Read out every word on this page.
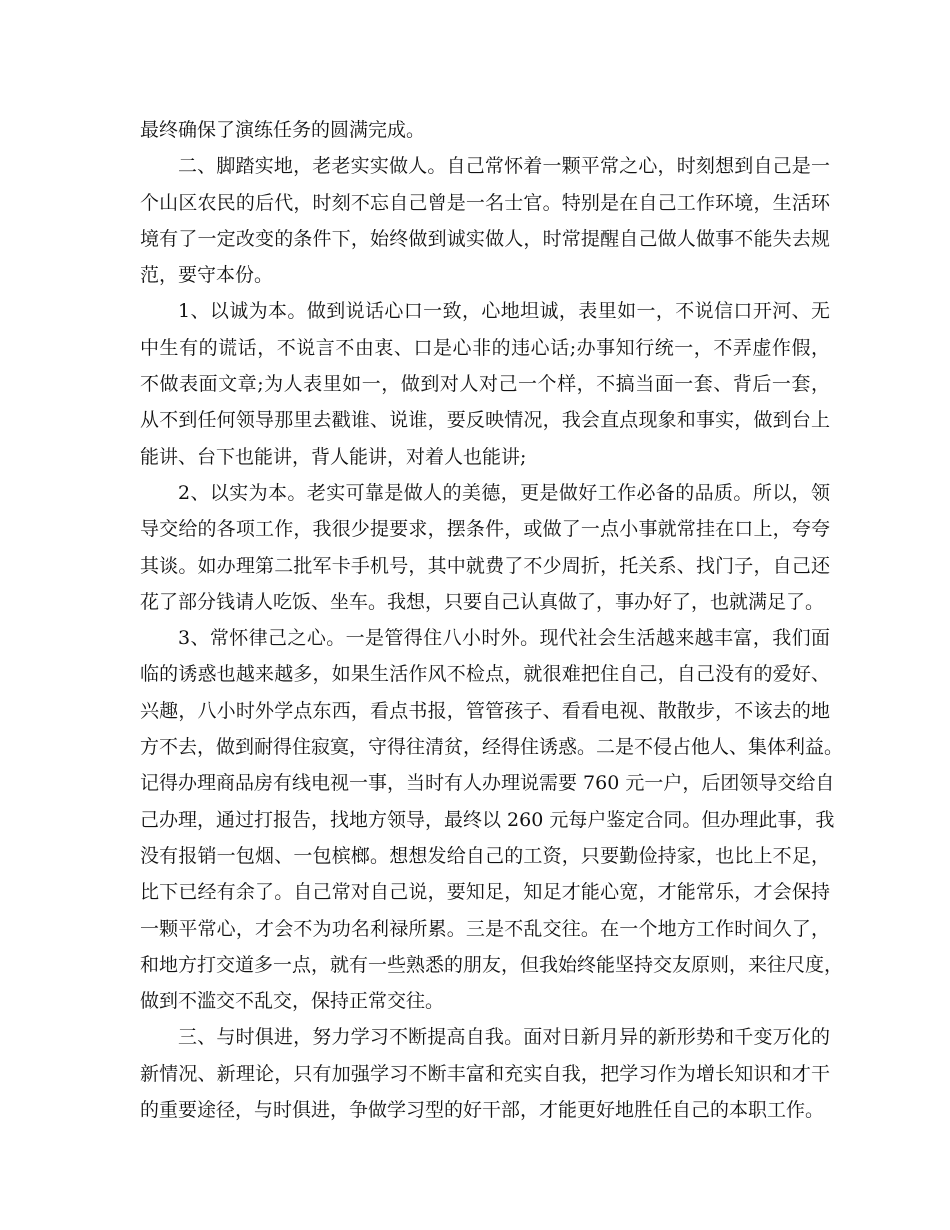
最终确保了演练任务的圆满完成。
二、脚踏实地，老老实实做人。自己常怀着一颗平常之心，时刻想到自己是一
个山区农民的后代，时刻不忘自己曾是一名士官。特别是在自己工作环境，生活环
境有了一定改变的条件下，始终做到诚实做人，时常提醒自己做人做事不能失去规
范，要守本份。
1、以诚为本。做到说话心口一致，心地坦诚，表里如一，不说信口开河、无
中生有的谎话，不说言不由衷、口是心非的违心话;办事知行统一，不弄虚作假，
不做表面文章;为人表里如一，做到对人对己一个样，不搞当面一套、背后一套，
从不到任何领导那里去戳谁、说谁，要反映情况，我会直点现象和事实，做到台上
能讲、台下也能讲，背人能讲，对着人也能讲;
2、以实为本。老实可靠是做人的美德，更是做好工作必备的品质。所以，领
导交给的各项工作，我很少提要求，摆条件，或做了一点小事就常挂在口上，夸夸
其谈。如办理第二批军卡手机号，其中就费了不少周折，托关系、找门子，自己还
花了部分钱请人吃饭、坐车。我想，只要自己认真做了，事办好了，也就满足了。
3、常怀律己之心。一是管得住八小时外。现代社会生活越来越丰富，我们面
临的诱惑也越来越多，如果生活作风不检点，就很难把住自己，自己没有的爱好、
兴趣，八小时外学点东西，看点书报，管管孩子、看看电视、散散步，不该去的地
方不去，做到耐得住寂寞，守得往清贫，经得住诱惑。二是不侵占他人、集体利益。
记得办理商品房有线电视一事，当时有人办理说需要 760 元一户，后团领导交给自
己办理，通过打报告，找地方领导，最终以 260 元每户鉴定合同。但办理此事，我
没有报销一包烟、一包槟榔。想想发给自己的工资，只要勤俭持家，也比上不足，
比下已经有余了。自己常对自己说，要知足，知足才能心宽，才能常乐，才会保持
一颗平常心，才会不为功名利禄所累。三是不乱交往。在一个地方工作时间久了，
和地方打交道多一点，就有一些熟悉的朋友，但我始终能坚持交友原则，来往尺度，
做到不滥交不乱交，保持正常交往。
三、与时俱进，努力学习不断提高自我。面对日新月异的新形势和千变万化的
新情况、新理论，只有加强学习不断丰富和充实自我，把学习作为增长知识和才干
的重要途径，与时俱进，争做学习型的好干部，才能更好地胜任自己的本职工作。
